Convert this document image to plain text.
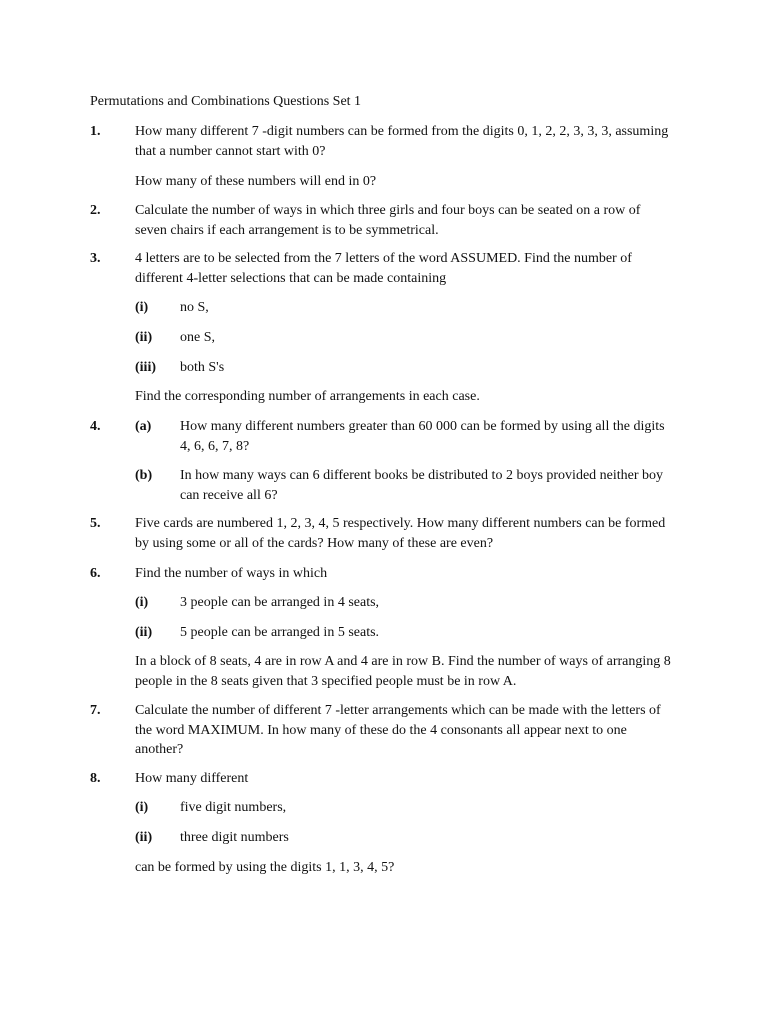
Permutations and Combinations Questions Set 1
1. How many different 7 -digit numbers can be formed from the digits 0, 1, 2, 2, 3, 3, 3, assuming that a number cannot start with 0?
How many of these numbers will end in 0?
2. Calculate the number of ways in which three girls and four boys can be seated on a row of seven chairs if each arrangement is to be symmetrical.
3. 4 letters are to be selected from the 7 letters of the word ASSUMED. Find the number of different 4-letter selections that can be made containing
(i) no S,
(ii) one S,
(iii) both S's
Find the corresponding number of arrangements in each case.
4. (a) How many different numbers greater than 60 000 can be formed by using all the digits 4, 6, 6, 7, 8?
(b) In how many ways can 6 different books be distributed to 2 boys provided neither boy can receive all 6?
5. Five cards are numbered 1, 2, 3, 4, 5 respectively. How many different numbers can be formed by using some or all of the cards? How many of these are even?
6. Find the number of ways in which
(i) 3 people can be arranged in 4 seats,
(ii) 5 people can be arranged in 5 seats.
In a block of 8 seats, 4 are in row A and 4 are in row B. Find the number of ways of arranging 8 people in the 8 seats given that 3 specified people must be in row A.
7. Calculate the number of different 7 -letter arrangements which can be made with the letters of the word MAXIMUM. In how many of these do the 4 consonants all appear next to one another?
8. How many different
(i) five digit numbers,
(ii) three digit numbers
can be formed by using the digits 1, 1, 3, 4, 5?
